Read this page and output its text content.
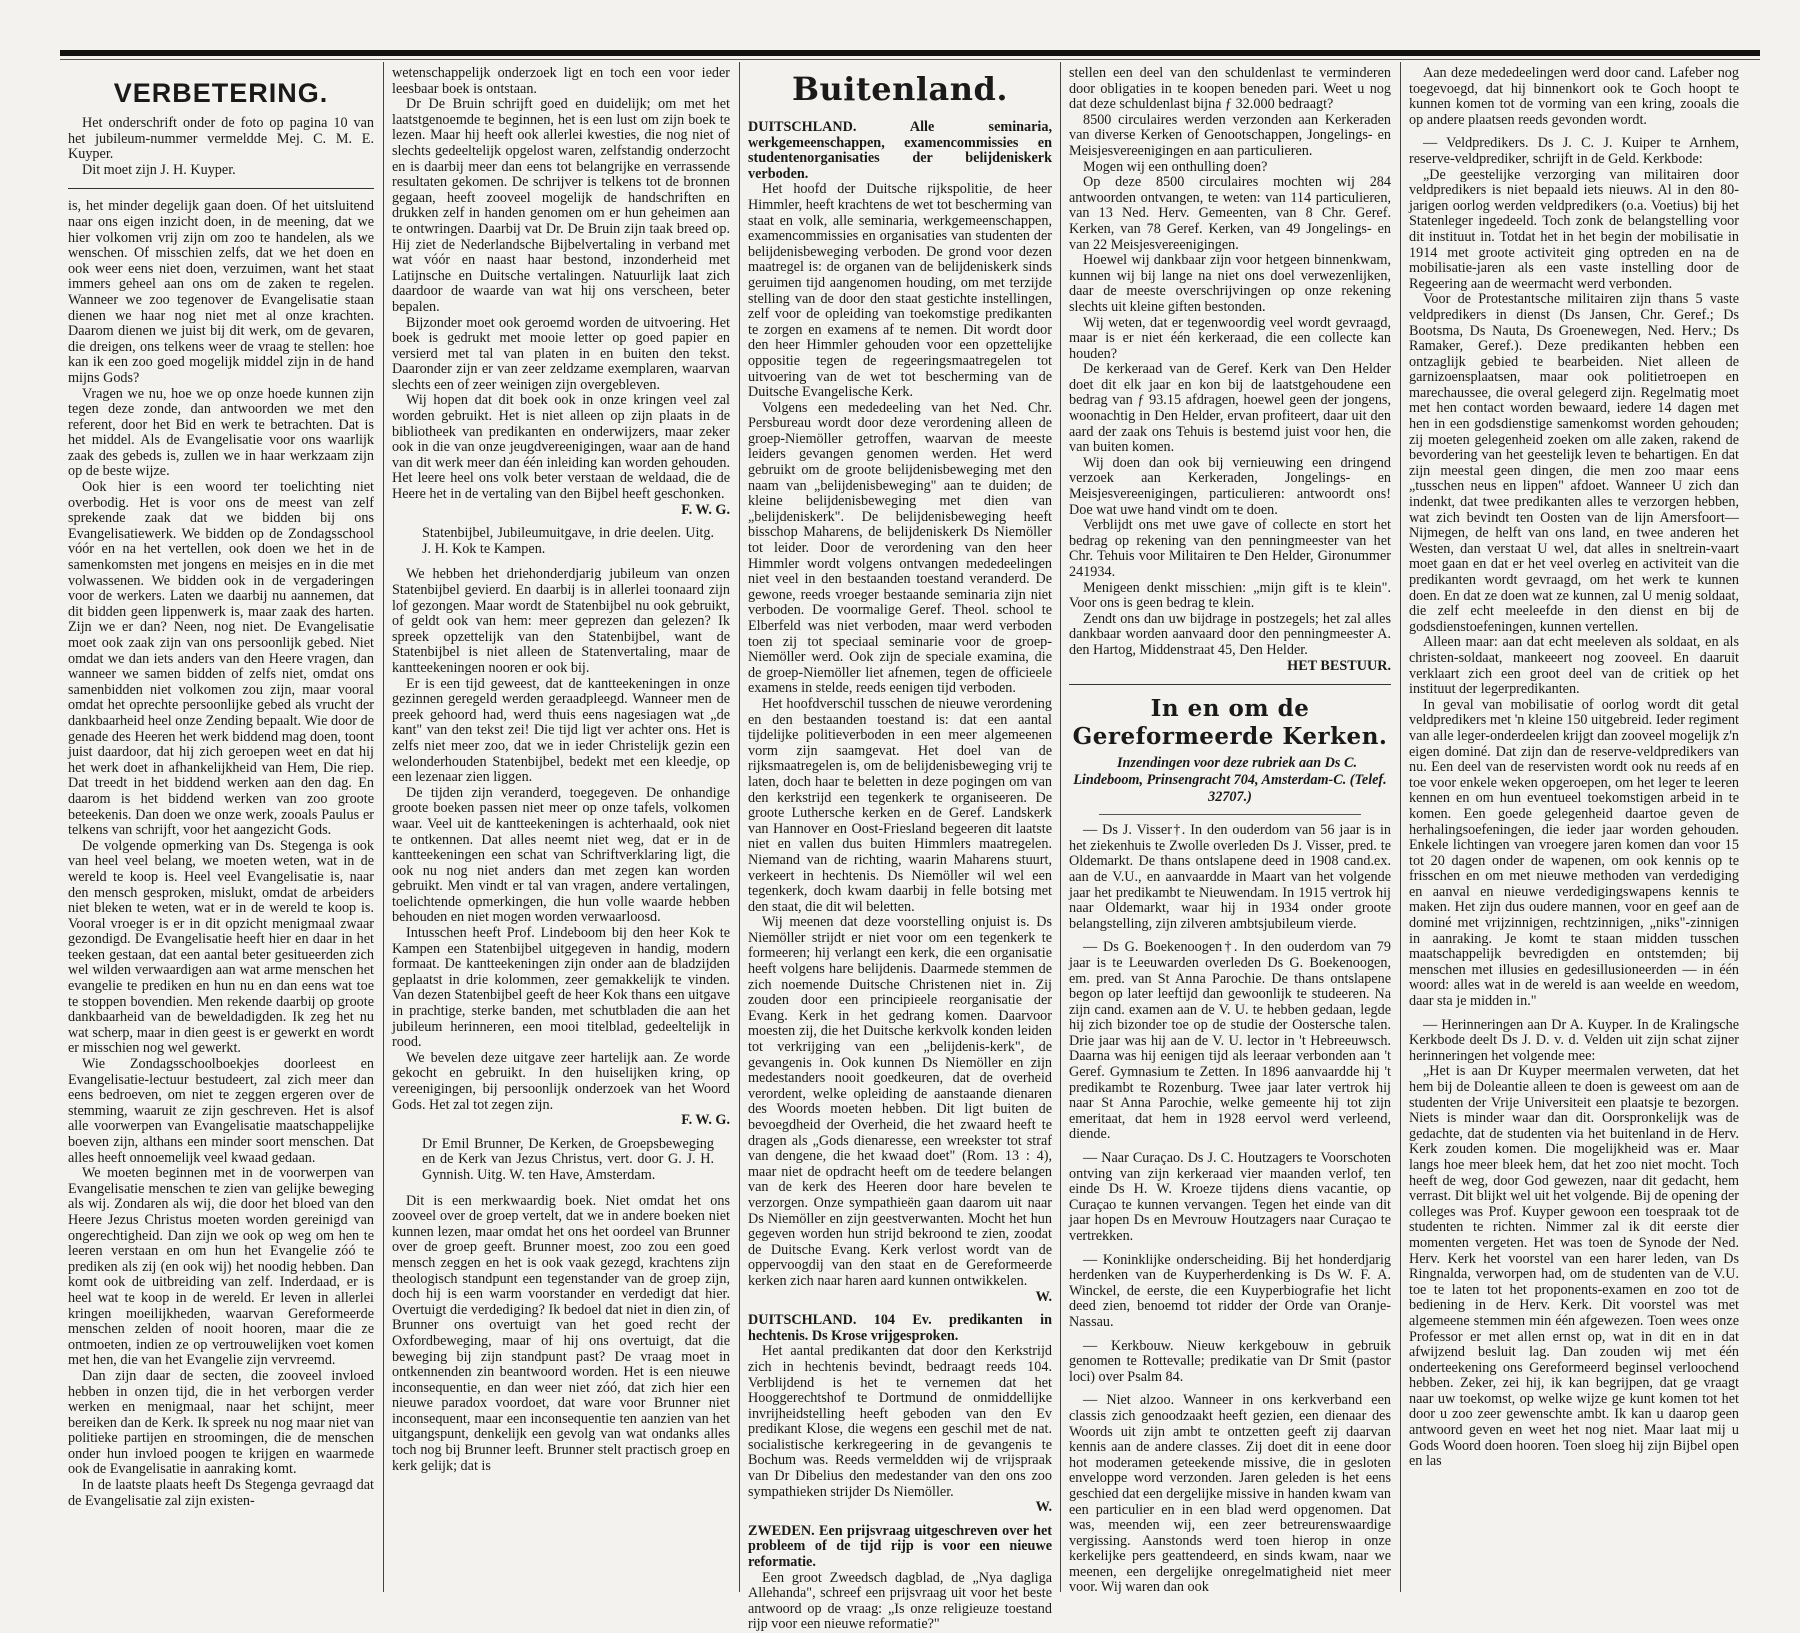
VERBETERING.

Het onderschrift onder de foto op pagina 10 van het jubileum-nummer vermeldde Mej. C. M. E. Kuyper.

Dit moet zijn J. H. Kuyper.

is, het minder degelijk gaan doen. Of het uitsluitend naar ons eigen inzicht doen, in de meening, dat we hier volkomen vrij zijn om zoo te handelen, als we wenschen. Of misschien zelfs, dat we het doen en ook weer eens niet doen, verzuimen, want het staat immers geheel aan ons om de zaken te regelen. Wanneer we zoo tegenover de Evangelisatie staan dienen we haar nog niet met al onze krachten. Daarom dienen we juist bij dit werk, om de gevaren, die dreigen, ons telkens weer de vraag te stellen: hoe kan ik een zoo goed mogelijk middel zijn in de hand mijns Gods?

Vragen we nu, hoe we op onze hoede kunnen zijn tegen deze zonde, dan antwoorden we met den referent, door het Bid en werk te betrachten. Dat is het middel. Als de Evangelisatie voor ons waarlijk zaak des gebeds is, zullen we in haar werkzaam zijn op de beste wijze.

Ook hier is een woord ter toelichting niet overbodig. Het is voor ons de meest van zelf sprekende zaak dat we bidden bij ons Evangelisatiewerk. We bidden op de Zondagsschool vóór en na het vertellen, ook doen we het in de samenkomsten met jongens en meisjes en in die met volwassenen. We bidden ook in de vergaderingen voor de werkers. Laten we daarbij nu aannemen, dat dit bidden geen lippenwerk is, maar zaak des harten. Zijn we er dan? Neen, nog niet. De Evangelisatie moet ook zaak zijn van ons persoonlijk gebed. Niet omdat we dan iets anders van den Heere vragen, dan wanneer we samen bidden of zelfs niet, omdat ons samenbidden niet volkomen zou zijn, maar vooral omdat het oprechte persoonlijke gebed als vrucht der dankbaarheid heel onze Zending bepaalt. Wie door de genade des Heeren het werk biddend mag doen, toont juist daardoor, dat hij zich geroepen weet en dat hij het werk doet in afhankelijkheid van Hem, Die riep. Dat treedt in het biddend werken aan den dag. En daarom is het biddend werken van zoo groote beteekenis. Dan doen we onze werk, zooals Paulus er telkens van schrijft, voor het aangezicht Gods.

De volgende opmerking van Ds. Stegenga is ook van heel veel belang, we moeten weten, wat in de wereld te koop is. Heel veel Evangelisatie is, naar den mensch gesproken, mislukt, omdat de arbeiders niet bleken te weten, wat er in de wereld te koop is. Vooral vroeger is er in dit opzicht menigmaal zwaar gezondigd. De Evangelisatie heeft hier en daar in het teeken gestaan, dat een aantal beter gesitueerden zich wel wilden verwaardigen aan wat arme menschen het evangelie te prediken en hun nu en dan eens wat toe te stoppen bovendien. Men rekende daarbij op groote dankbaarheid van de beweldadigden. Ik zeg het nu wat scherp, maar in dien geest is er gewerkt en wordt er misschien nog wel gewerkt.

Wie Zondagsschoolboekjes doorleest en Evangelisatie-lectuur bestudeert, zal zich meer dan eens bedroeven, om niet te zeggen ergeren over de stemming, waaruit ze zijn geschreven. Het is alsof alle voorwerpen van Evangelisatie maatschappelijke boeven zijn, althans een minder soort menschen. Dat alles heeft onnoemelijk veel kwaad gedaan.

We moeten beginnen met in de voorwerpen van Evangelisatie menschen te zien van gelijke beweging als wij. Zondaren als wij, die door het bloed van den Heere Jezus Christus moeten worden gereinigd van ongerechtigheid. Dan zijn we ook op weg om hen te leeren verstaan en om hun het Evangelie zóó te prediken als zij (en ook wij) het noodig hebben. Dan komt ook de uitbreiding van zelf. Inderdaad, er is heel wat te koop in de wereld. Er leven in allerlei kringen moeilijkheden, waarvan Gereformeerde menschen zelden of nooit hooren, maar die ze ontmoeten, indien ze op vertrouwelijken voet komen met hen, die van het Evangelie zijn vervreemd.

Dan zijn daar de secten, die zooveel invloed hebben in onzen tijd, die in het verborgen verder werken en menigmaal, naar het schijnt, meer bereiken dan de Kerk. Ik spreek nu nog maar niet van politieke partijen en stroomingen, die de menschen onder hun invloed poogen te krijgen en waarmede ook de Evangelisatie in aanraking komt.

In de laatste plaats heeft Ds Stegenga gevraagd dat de Evangelisatie zal zijn existen-

wetenschappelijk onderzoek ligt en toch een voor ieder leesbaar boek is ontstaan.

Dr De Bruin schrijft goed en duidelijk; om met het laatstgenoemde te beginnen, het is een lust om zijn boek te lezen. Maar hij heeft ook allerlei kwesties, die nog niet of slechts gedeeltelijk opgelost waren, zelfstandig onderzocht en is daarbij meer dan eens tot belangrijke en verrassende resultaten gekomen. De schrijver is telkens tot de bronnen gegaan, heeft zooveel mogelijk de handschriften en drukken zelf in handen genomen om er hun geheimen aan te ontwringen. Daarbij vat Dr. De Bruin zijn taak breed op. Hij ziet de Nederlandsche Bijbelvertaling in verband met wat vóór en naast haar bestond, inzonderheid met Latijnsche en Duitsche vertalingen. Natuurlijk laat zich daardoor de waarde van wat hij ons verscheen, beter bepalen.

Bijzonder moet ook geroemd worden de uitvoering. Het boek is gedrukt met mooie letter op goed papier en versierd met tal van platen in en buiten den tekst. Daaronder zijn er van zeer zeldzame exemplaren, waarvan slechts een of zeer weinigen zijn overgebleven.

Wij hopen dat dit boek ook in onze kringen veel zal worden gebruikt. Het is niet alleen op zijn plaats in de bibliotheek van predikanten en onderwijzers, maar zeker ook in die van onze jeugdvereenigingen, waar aan de hand van dit werk meer dan één inleiding kan worden gehouden. Het leere heel ons volk beter verstaan de weldaad, die de Heere het in de vertaling van den Bijbel heeft geschonken.

F. W. G.

Statenbijbel, Jubileumuitgave, in drie deelen. Uitg. J. H. Kok te Kampen.

We hebben het driehonderdjarig jubileum van onzen Statenbijbel gevierd. En daarbij is in allerlei toonaard zijn lof gezongen. Maar wordt de Statenbijbel nu ook gebruikt, of geldt ook van hem: meer geprezen dan gelezen? Ik spreek opzettelijk van den Statenbijbel, want de Statenbijbel is niet alleen de Statenvertaling, maar de kantteekeningen nooren er ook bij.

Er is een tijd geweest, dat de kantteekeningen in onze gezinnen geregeld werden geraadpleegd. Wanneer men de preek gehoord had, werd thuis eens nagesiagen wat „de kant" van den tekst zei! Die tijd ligt ver achter ons. Het is zelfs niet meer zoo, dat we in ieder Christelijk gezin een welonderhouden Statenbijbel, bedekt met een kleedje, op een lezenaar zien liggen.

De tijden zijn veranderd, toegegeven. De onhandige groote boeken passen niet meer op onze tafels, volkomen waar. Veel uit de kantteekeningen is achterhaald, ook niet te ontkennen. Dat alles neemt niet weg, dat er in de kantteekeningen een schat van Schriftverklaring ligt, die ook nu nog niet anders dan met zegen kan worden gebruikt. Men vindt er tal van vragen, andere vertalingen, toelichtende opmerkingen, die hun volle waarde hebben behouden en niet mogen worden verwaarloosd.

Intusschen heeft Prof. Lindeboom bij den heer Kok te Kampen een Statenbijbel uitgegeven in handig, modern formaat. De kantteekeningen zijn onder aan de bladzijden geplaatst in drie kolommen, zeer gemakkelijk te vinden. Van dezen Statenbijbel geeft de heer Kok thans een uitgave in prachtige, sterke banden, met schutbladen die aan het jubileum herinneren, een mooi titelblad, gedeeltelijk in rood.

We bevelen deze uitgave zeer hartelijk aan. Ze worde gekocht en gebruikt. In den huiselijken kring, op vereenigingen, bij persoonlijk onderzoek van het Woord Gods. Het zal tot zegen zijn.

F. W. G.

Dr Emil Brunner, De Kerken, de Groepsbeweging en de Kerk van Jezus Christus, vert. door G. J. H. Gynnish. Uitg. W. ten Have, Amsterdam.

Dit is een merkwaardig boek. Niet omdat het ons zooveel over de groep vertelt, dat we in andere boeken niet kunnen lezen, maar omdat het ons het oordeel van Brunner over de groep geeft. Brunner moest, zoo zou een goed mensch zeggen en het is ook vaak gezegd, krachtens zijn theologisch standpunt een tegenstander van de groep zijn, doch hij is een warm voorstander en verdedigt dat hier. Overtuigt die verdediging? Ik bedoel dat niet in dien zin, of Brunner ons overtuigt van het goed recht der Oxfordbeweging, maar of hij ons overtuigt, dat die beweging bij zijn standpunt past? De vraag moet in ontkennenden zin beantwoord worden. Het is een nieuwe inconsequentie, en dan weer niet zóó, dat zich hier een nieuwe paradox voordoet, dat ware voor Brunner niet inconsequent, maar een inconsequentie ten aanzien van het uitgangspunt, denkelijk een gevolg van wat ondanks alles toch nog bij Brunner leeft. Brunner stelt practisch groep en kerk gelijk; dat is

Buitenland.

DUITSCHLAND. Alle seminaria, werkgemeenschappen, examencommissies en studentenorganisaties der belijdeniskerk verboden.

Het hoofd der Duitsche rijkspolitie, de heer Himmler, heeft krachtens de wet tot bescherming van staat en volk, alle seminaria, werkgemeenschappen, examencommissies en organisaties van studenten der belijdenisbeweging verboden. De grond voor dezen maatregel is: de organen van de belijdeniskerk sinds geruimen tijd aangenomen houding, om met terzijde stelling van de door den staat gestichte instellingen, zelf voor de opleiding van toekomstige predikanten te zorgen en examens af te nemen. Dit wordt door den heer Himmler gehouden voor een opzettelijke oppositie tegen de regeeringsmaatregelen tot uitvoering van de wet tot bescherming van de Duitsche Evangelische Kerk.

Volgens een mededeeling van het Ned. Chr. Persbureau wordt door deze verordening alleen de groep-Niemöller getroffen, waarvan de meeste leiders gevangen genomen werden. Het werd gebruikt om de groote belijdenisbeweging met den naam van „belijdenisbeweging" aan te duiden; de kleine belijdenisbeweging met dien van „belijdeniskerk". De belijdenisbeweging heeft bisschop Maharens, de belijdeniskerk Ds Niemöller tot leider. Door de verordening van den heer Himmler wordt volgens ontvangen mededeelingen niet veel in den bestaanden toestand veranderd. De gewone, reeds vroeger bestaande seminaria zijn niet verboden. De voormalige Geref. Theol. school te Elberfeld was niet verboden, maar werd verboden toen zij tot speciaal seminarie voor de groep-Niemöller werd. Ook zijn de speciale examina, die de groep-Niemöller liet afnemen, tegen de officieele examens in stelde, reeds eenigen tijd verboden.

Het hoofdverschil tusschen de nieuwe verordening en den bestaanden toestand is: dat een aantal tijdelijke politieverboden in een meer algemeenen vorm zijn saamgevat. Het doel van de rijksmaatregelen is, om de belijdenisbeweging vrij te laten, doch haar te beletten in deze pogingen om van den kerkstrijd een tegenkerk te organiseeren. De groote Luthersche kerken en de Geref. Landskerk van Hannover en Oost-Friesland begeeren dit laatste niet en vallen dus buiten Himmlers maatregelen. Niemand van de richting, waarin Maharens stuurt, verkeert in hechtenis. Ds Niemöller wil wel een tegenkerk, doch kwam daarbij in felle botsing met den staat, die dit wil beletten.

Wij meenen dat deze voorstelling onjuist is. Ds Niemöller strijdt er niet voor om een tegenkerk te formeeren; hij verlangt een kerk, die een organisatie heeft volgens hare belijdenis. Daarmede stemmen de zich noemende Duitsche Christenen niet in. Zij zouden door een principieele reorganisatie der Evang. Kerk in het gedrang komen. Daarvoor moesten zij, die het Duitsche kerkvolk konden leiden tot verkrijging van een „belijdenis-kerk", de gevangenis in. Ook kunnen Ds Niemöller en zijn medestanders nooit goedkeuren, dat de overheid verordent, welke opleiding de aanstaande dienaren des Woords moeten hebben. Dit ligt buiten de bevoegdheid der Overheid, die het zwaard heeft te dragen als „Gods dienaresse, een wreekster tot straf van dengene, die het kwaad doet" (Rom. 13 : 4), maar niet de opdracht heeft om de teedere belangen van de kerk des Heeren door hare bevelen te verzorgen. Onze sympathieën gaan daarom uit naar Ds Niemöller en zijn geestverwanten. Mocht het hun gegeven worden hun strijd bekroond te zien, zoodat de Duitsche Evang. Kerk verlost wordt van de oppervoogdij van den staat en de Gereformeerde kerken zich naar haren aard kunnen ontwikkelen.

W.

DUITSCHLAND. 104 Ev. predikanten in hechtenis. Ds Krose vrijgesproken.

Het aantal predikanten dat door den Kerkstrijd zich in hechtenis bevindt, bedraagt reeds 104. Verblijdend is het te vernemen dat het Hooggerechtshof te Dortmund de onmiddellijke invrijheidstelling heeft geboden van den Ev predikant Klose, die wegens een geschil met de nat. socialistische kerkregeering in de gevangenis te Bochum was. Reeds vermeldden wij de vrijspraak van Dr Dibelius den medestander van den ons zoo sympathieken strijder Ds Niemöller.

W.

ZWEDEN. Een prijsvraag uitgeschreven over het probleem of de tijd rijp is voor een nieuwe reformatie.

Een groot Zweedsch dagblad, de „Nya dagliga Allehanda", schreef een prijsvraag uit voor het beste antwoord op de vraag: „Is onze religieuze toestand rijp voor een nieuwe reformatie?"

stellen een deel van den schuldenlast te verminderen door obligaties in te koopen beneden pari. Weet u nog dat deze schuldenlast bijna ƒ 32.000 bedraagt?

8500 circulaires werden verzonden aan Kerkeraden van diverse Kerken of Genootschappen, Jongelings- en Meisjesvereenigingen en aan particulieren.

Mogen wij een onthulling doen?

Op deze 8500 circulaires mochten wij 284 antwoorden ontvangen, te weten: van 114 particulieren, van 13 Ned. Herv. Gemeenten, van 8 Chr. Geref. Kerken, van 78 Geref. Kerken, van 49 Jongelings- en van 22 Meisjesvereenigingen.

Hoewel wij dankbaar zijn voor hetgeen binnenkwam, kunnen wij bij lange na niet ons doel verwezenlijken, daar de meeste overschrijvingen op onze rekening slechts uit kleine giften bestonden.

Wij weten, dat er tegenwoordig veel wordt gevraagd, maar is er niet één kerkeraad, die een collecte kan houden?

De kerkeraad van de Geref. Kerk van Den Helder doet dit elk jaar en kon bij de laatstgehoudene een bedrag van ƒ 93.15 afdragen, hoewel geen der jongens, woonachtig in Den Helder, ervan profiteert, daar uit den aard der zaak ons Tehuis is bestemd juist voor hen, die van buiten komen.

Wij doen dan ook bij vernieuwing een dringend verzoek aan Kerkeraden, Jongelings- en Meisjesvereenigingen, particulieren: antwoordt ons! Doe wat uwe hand vindt om te doen.

Verblijdt ons met uwe gave of collecte en stort het bedrag op rekening van den penningmeester van het Chr. Tehuis voor Militairen te Den Helder, Gironummer 241934.

Menigeen denkt misschien: „mijn gift is te klein". Voor ons is geen bedrag te klein.

Zendt ons dan uw bijdrage in postzegels; het zal alles dankbaar worden aanvaard door den penningmeester A. den Hartog, Middenstraat 45, Den Helder.

HET BESTUUR.

In en om de Gereformeerde Kerken.

Inzendingen voor deze rubriek aan Ds C. Lindeboom, Prinsengracht 704, Amsterdam-C. (Telef. 32707.)

— Ds J. Visser†. In den ouderdom van 56 jaar is in het ziekenhuis te Zwolle overleden Ds J. Visser, pred. te Oldemarkt. De thans ontslapene deed in 1908 cand.ex. aan de V.U., en aanvaardde in Maart van het volgende jaar het predikambt te Nieuwendam. In 1915 vertrok hij naar Oldemarkt, waar hij in 1934 onder groote belangstelling, zijn zilveren ambtsjubileum vierde.

— Ds G. Boekenoogen†. In den ouderdom van 79 jaar is te Leeuwarden overleden Ds G. Boekenoogen, em. pred. van St Anna Parochie. De thans ontslapene begon op later leeftijd dan gewoonlijk te studeeren. Na zijn cand. examen aan de V. U. te hebben gedaan, legde hij zich bizonder toe op de studie der Oostersche talen. Drie jaar was hij aan de V. U. lector in 't Hebreeuwsch. Daarna was hij eenigen tijd als leeraar verbonden aan 't Geref. Gymnasium te Zetten. In 1896 aanvaardde hij 't predikambt te Rozenburg. Twee jaar later vertrok hij naar St Anna Parochie, welke gemeente hij tot zijn emeritaat, dat hem in 1928 eervol werd verleend, diende.

— Naar Curaçao. Ds J. C. Houtzagers te Voorschoten ontving van zijn kerkeraad vier maanden verlof, ten einde Ds H. W. Kroeze tijdens diens vacantie, op Curaçao te kunnen vervangen. Tegen het einde van dit jaar hopen Ds en Mevrouw Houtzagers naar Curaçao te vertrekken.

— Koninklijke onderscheiding. Bij het honderdjarig herdenken van de Kuyperherdenking is Ds W. F. A. Winckel, de eerste, die een Kuyperbiografie het licht deed zien, benoemd tot ridder der Orde van Oranje-Nassau.

— Kerkbouw. Nieuw kerkgebouw in gebruik genomen te Rottevalle; predikatie van Dr Smit (pastor loci) over Psalm 84.

— Niet alzoo. Wanneer in ons kerkverband een classis zich genoodzaakt heeft gezien, een dienaar des Woords uit zijn ambt te ontzetten geeft zij daarvan kennis aan de andere classes. Zij doet dit in eene door hot moderamen geteekende missive, die in gesloten enveloppe word verzonden. Jaren geleden is het eens geschied dat een dergelijke missive in handen kwam van een particulier en in een blad werd opgenomen. Dat was, meenden wij, een zeer betreurenswaardige vergissing. Aanstonds werd toen hierop in onze kerkelijke pers geattendeerd, en sinds kwam, naar we meenen, een dergelijke onregelmatigheid niet meer voor. Wij waren dan ook

Aan deze mededeelingen werd door cand. Lafeber nog toegevoegd, dat hij binnenkort ook te Goch hoopt te kunnen komen tot de vorming van een kring, zooals die op andere plaatsen reeds gevonden wordt.

— Veldpredikers. Ds J. C. J. Kuiper te Arnhem, reserve-veldprediker, schrijft in de Geld. Kerkbode:

„De geestelijke verzorging van militairen door veldpredikers is niet bepaald iets nieuws. Al in den 80-jarigen oorlog werden veldpredikers (o.a. Voetius) bij het Statenleger ingedeeld. Toch zonk de belangstelling voor dit instituut in. Totdat het in het begin der mobilisatie in 1914 met groote activiteit ging optreden en na de mobilisatie-jaren als een vaste instelling door de Regeering aan de weermacht werd verbonden.

Voor de Protestantsche militairen zijn thans 5 vaste veldpredikers in dienst (Ds Jansen, Chr. Geref.; Ds Bootsma, Ds Nauta, Ds Groenewegen, Ned. Herv.; Ds Ramaker, Geref.). Deze predikanten hebben een ontzaglijk gebied te bearbeiden. Niet alleen de garnizoensplaatsen, maar ook politietroepen en marechaussee, die overal gelegerd zijn. Regelmatig moet met hen contact worden bewaard, iedere 14 dagen met hen in een godsdienstige samenkomst worden gehouden; zij moeten gelegenheid zoeken om alle zaken, rakend de bevordering van het geestelijk leven te behartigen. En dat zijn meestal geen dingen, die men zoo maar eens „tusschen neus en lippen" afdoet. Wanneer U zich dan indenkt, dat twee predikanten alles te verzorgen hebben, wat zich bevindt ten Oosten van de lijn Amersfoort—Nijmegen, de helft van ons land, en twee anderen het Westen, dan verstaat U wel, dat alles in sneltrein-vaart moet gaan en dat er het veel overleg en activiteit van die predikanten wordt gevraagd, om het werk te kunnen doen. En dat ze doen wat ze kunnen, zal U menig soldaat, die zelf echt meeleefde in den dienst en bij de godsdienstoefeningen, kunnen vertellen.

Alleen maar: aan dat echt meeleven als soldaat, en als christen-soldaat, mankeeert nog zooveel. En daaruit verklaart zich een groot deel van de critiek op het instituut der legerpredikanten.

In geval van mobilisatie of oorlog wordt dit getal veldpredikers met 'n kleine 150 uitgebreid. Ieder regiment van alle leger-onderdeelen krijgt dan zooveel mogelijk z'n eigen dominé. Dat zijn dan de reserve-veldpredikers van nu. Een deel van de reservisten wordt ook nu reeds af en toe voor enkele weken opgeroepen, om het leger te leeren kennen en om hun eventueel toekomstigen arbeid in te komen. Een goede gelegenheid daartoe geven de herhalingsoefeningen, die ieder jaar worden gehouden. Enkele lichtingen van vroegere jaren komen dan voor 15 tot 20 dagen onder de wapenen, om ook kennis op te frisschen en om met nieuwe methoden van verdediging en aanval en nieuwe verdedigingswapens kennis te maken. Het zijn dus oudere mannen, voor en geef aan de dominé met vrijzinnigen, rechtzinnigen, „niks"-zinnigen in aanraking. Je komt te staan midden tusschen maatschappelijk bevredigden en ontstemden; bij menschen met illusies en gedesillusioneerden — in één woord: alles wat in de wereld is aan weelde en weedom, daar sta je midden in."

— Herinneringen aan Dr A. Kuyper. In de Kralingsche Kerkbode deelt Ds J. D. v. d. Velden uit zijn schat zijner herinneringen het volgende mee:

„Het is aan Dr Kuyper meermalen verweten, dat het hem bij de Doleantie alleen te doen is geweest om aan de studenten der Vrije Universiteit een plaatsje te bezorgen. Niets is minder waar dan dit. Oorspronkelijk was de gedachte, dat de studenten via het buitenland in de Herv. Kerk zouden komen. Die mogelijkheid was er. Maar langs hoe meer bleek hem, dat het zoo niet mocht. Toch heeft de weg, door God gewezen, naar dit gedacht, hem verrast. Dit blijkt wel uit het volgende. Bij de opening der colleges was Prof. Kuyper gewoon een toespraak tot de studenten te richten. Nimmer zal ik dit eerste dier momenten vergeten. Het was toen de Synode der Ned. Herv. Kerk het voorstel van een harer leden, van Ds Ringnalda, verworpen had, om de studenten van de V.U. toe te laten tot het proponents-examen en zoo tot de bediening in de Herv. Kerk. Dit voorstel was met algemeene stemmen min één afgewezen. Toen wees onze Professor er met allen ernst op, wat in dit en in dat afwijzend besluit lag. Dan zouden wij met één onderteekening ons Gereformeerd beginsel verloochend hebben. Zeker, zei hij, ik kan begrijpen, dat ge vraagt naar uw toekomst, op welke wijze ge kunt komen tot het door u zoo zeer gewenschte ambt. Ik kan u daarop geen antwoord geven en weet het nog niet. Maar laat mij u Gods Woord doen hooren. Toen sloeg hij zijn Bijbel open en las
